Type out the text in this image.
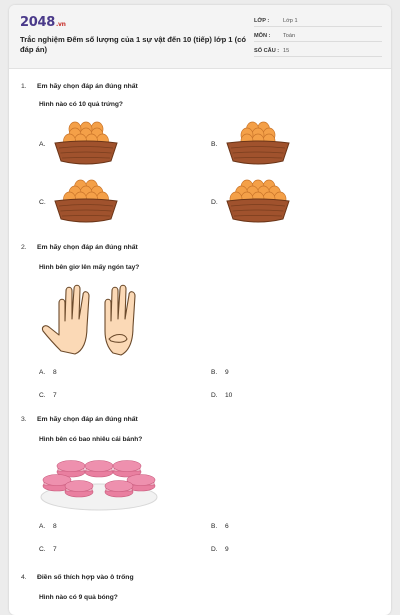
2048.vn
Trắc nghiệm Đếm số lượng của 1 sự vật đến 10 (tiếp) lớp 1 (có đáp án)
LỚP : Lớp 1
MÔN : Toán
SỐ CÂU : 15
1. Em hãy chọn đáp án đúng nhất
Hình nào có 10 quả trứng?
A.	B.
C.	D.
2. Em hãy chọn đáp án đúng nhất
Hình bên giơ lên mấy ngón tay?
A. 8	B. 9
C. 7	D. 10
3. Em hãy chọn đáp án đúng nhất
Hình bên có bao nhiêu cái bánh?
A. 8	B. 6
C. 7	D. 9
4. Điền số thích hợp vào ô trống
Hình nào có 9 quả bóng?
